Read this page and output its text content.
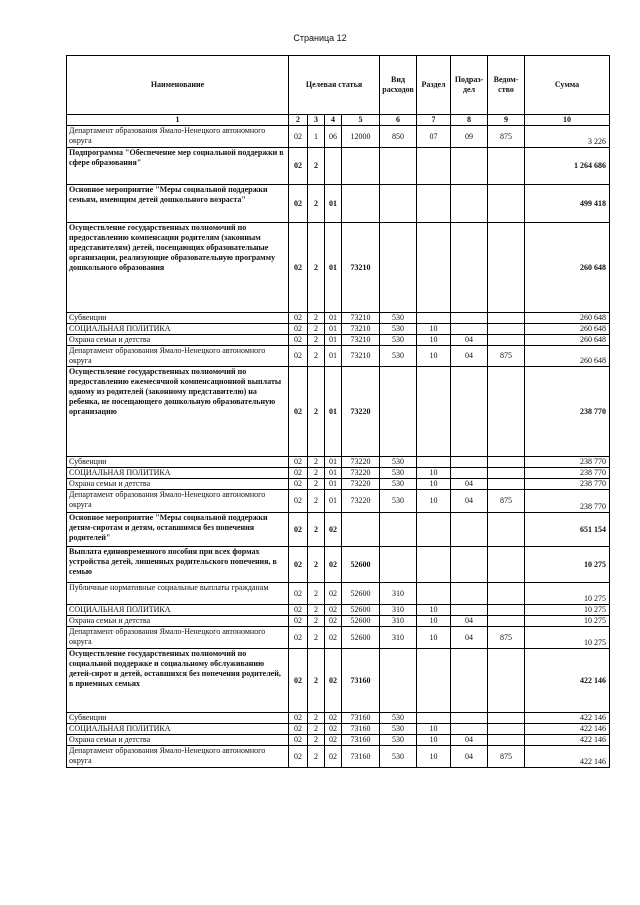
Страница 12
Наименование	Целевая статья				Вид расходов	Раздел	Подраз-дел	Ведом-ство	Сумма
1	2	3	4	5	6	7	8	9	10
Департамент образования Ямало-Ненецкого автономного округа	02	1	06	12000	850	07	09	875	3 226
Подпрограмма "Обеспечение мер социальной поддержки в сфере образования"	02	2							1 264 686
Основное мероприятие "Меры социальной поддержки семьям, имеющим детей дошкольного возраста"	02	2	01						499 418
Осуществление государственных полномочий по предоставлению компенсации родителям (законным представителям) детей, посещающих образовательные организации, реализующие образовательную программу дошкольного образования	02	2	01	73210					260 648
Субвенции	02	2	01	73210	530				260 648
СОЦИАЛЬНАЯ ПОЛИТИКА	02	2	01	73210	530	10			260 648
Охрана семьи и детства	02	2	01	73210	530	10	04		260 648
Департамент образования Ямало-Ненецкого автономного округа	02	2	01	73210	530	10	04	875	260 648
Осуществление государственных полномочий по предоставлению ежемесячной компенсационной выплаты одному из родителей (законному представителю) на ребенка, не посещающего дошкольную образовательную организацию	02	2	01	73220					238 770
Субвенции	02	2	01	73220	530				238 770
СОЦИАЛЬНАЯ ПОЛИТИКА	02	2	01	73220	530	10			238 770
Охрана семьи и детства	02	2	01	73220	530	10	04		238 770
Департамент образования Ямало-Ненецкого автономного округа	02	2	01	73220	530	10	04	875	238 770
Основное мероприятие "Меры социальной поддержки детям-сиротам и детям, оставшимся без попечения родителей"	02	2	02						651 154
Выплата единовременного пособия при всех формах устройства детей, лишенных родительского попечения, в семью	02	2	02	52600					10 275
Публичные нормативные социальные выплаты гражданам	02	2	02	52600	310				10 275
СОЦИАЛЬНАЯ ПОЛИТИКА	02	2	02	52600	310	10			10 275
Охрана семьи и детства	02	2	02	52600	310	10	04		10 275
Департамент образования Ямало-Ненецкого автономного округа	02	2	02	52600	310	10	04	875	10 275
Осуществление государственных полномочий по социальной поддержке и социальному обслуживанию детей-сирот и детей, оставшихся без попечения родителей, в приемных семьях	02	2	02	73160					422 146
Субвенции	02	2	02	73160	530				422 146
СОЦИАЛЬНАЯ ПОЛИТИКА	02	2	02	73160	530	10			422 146
Охрана семьи и детства	02	2	02	73160	530	10	04		422 146
Департамент образования Ямало-Ненецкого автономного округа	02	2	02	73160	530	10	04	875	422 146
